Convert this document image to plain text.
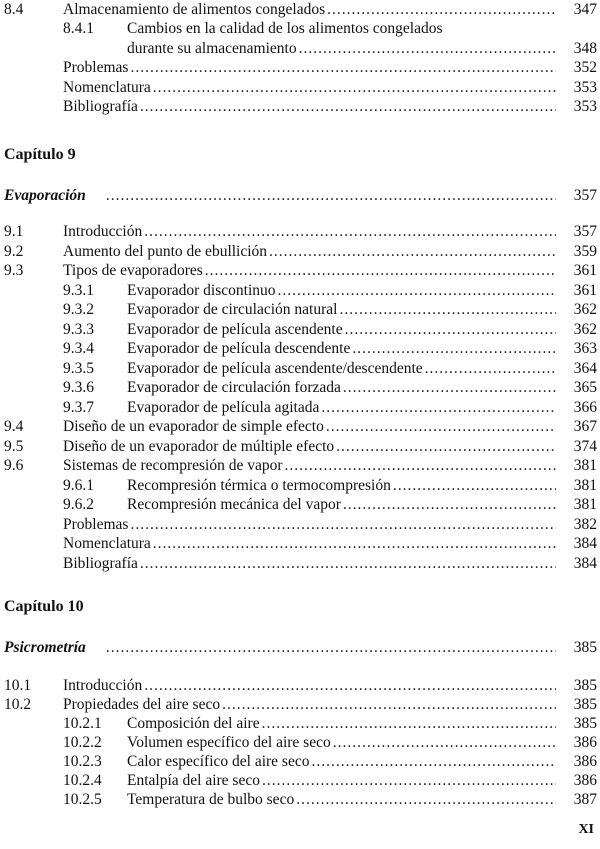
8.4	Almacenamiento de alimentos congelados .....	347
8.4.1 Cambios en la calidad de los alimentos congelados
durante su almacenamiento .....	348
Problemas .....	352
Nomenclatura .....	353
Bibliografía .....	353
Capítulo 9
Evaporación .....	357
9.1	Introducción .....	357
9.2	Aumento del punto de ebullición .....	359
9.3	Tipos de evaporadores .....	361
9.3.1 Evaporador discontinuo .....	361
9.3.2 Evaporador de circulación natural .....	362
9.3.3 Evaporador de película ascendente .....	362
9.3.4 Evaporador de película descendente .....	363
9.3.5 Evaporador de película ascendente/descendente .....	364
9.3.6 Evaporador de circulación forzada .....	365
9.3.7 Evaporador de película agitada .....	366
9.4	Diseño de un evaporador de simple efecto .....	367
9.5	Diseño de un evaporador de múltiple efecto .....	374
9.6	Sistemas de recompresión de vapor .....	381
9.6.1 Recompresión térmica o termocompresión .....	381
9.6.2 Recompresión mecánica del vapor .....	381
Problemas .....	382
Nomenclatura .....	384
Bibliografía .....	384
Capítulo 10
Psicrometría .....	385
10.1 Introducción .....	385
10.2 Propiedades del aire seco .....	385
10.2.1 Composición del aire .....	385
10.2.2 Volumen específico del aire seco .....	386
10.2.3 Calor específico del aire seco .....	386
10.2.4 Entalpía del aire seco .....	386
10.2.5 Temperatura de bulbo seco .....	387
XI
